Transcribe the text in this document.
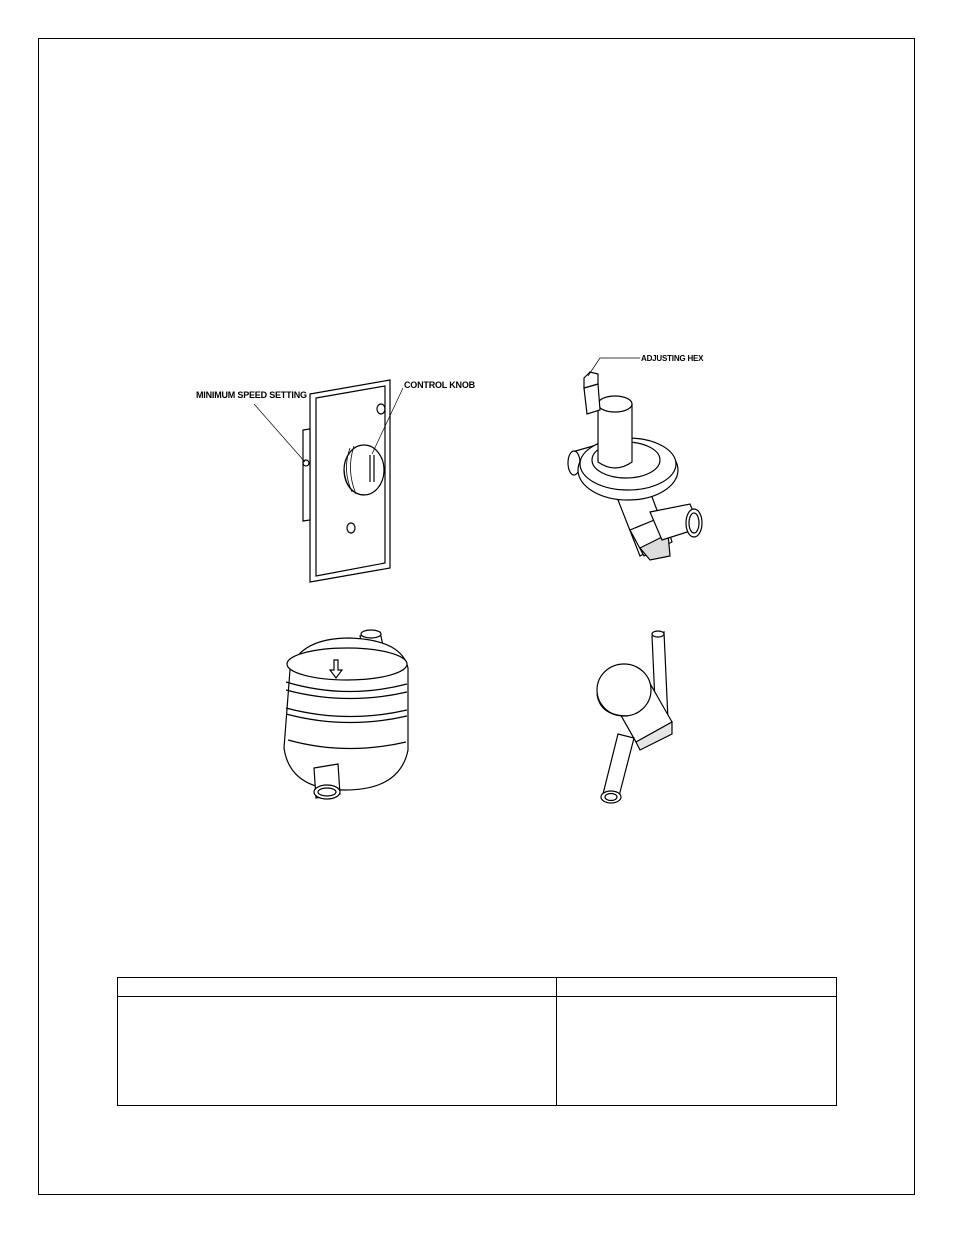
MINIMUM SPEED SETTING
CONTROL KNOB
ADJUSTING HEX
